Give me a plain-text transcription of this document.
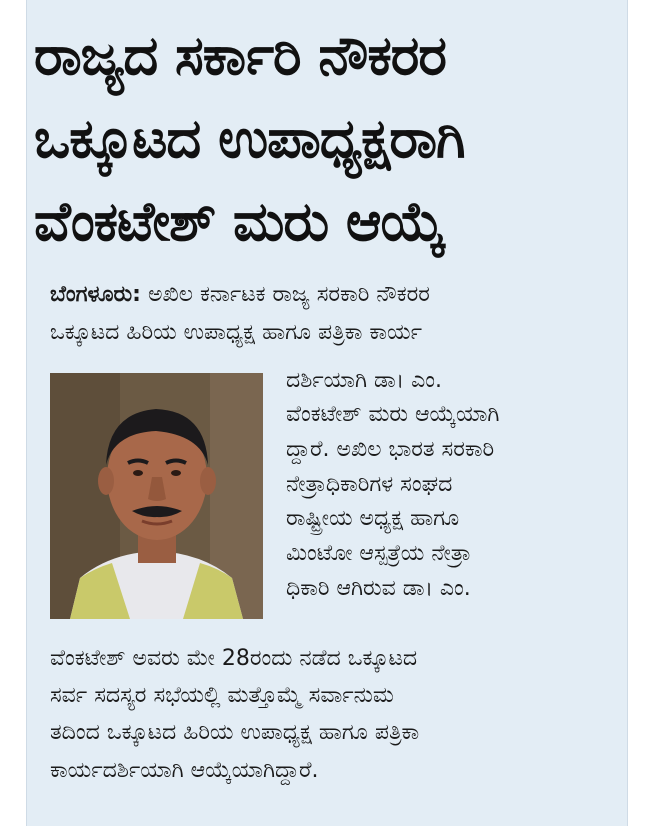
ರಾಜ್ಯದ ಸರ್ಕಾರಿ ನೌಕರರ
ಒಕ್ಕೂಟದ ಉಪಾಧ್ಯಕ್ಷರಾಗಿ
ವೆಂಕಟೇಶ್ ಮರು ಆಯ್ಕೆ
ಬೆಂಗಳೂರು: ಅಖಿಲ ಕರ್ನಾಟಕ ರಾಜ್ಯ ಸರಕಾರಿ ನೌಕರರ
ಒಕ್ಕೂಟದ ಹಿರಿಯ ಉಪಾಧ್ಯಕ್ಷ ಹಾಗೂ ಪತ್ರಿಕಾ ಕಾರ್ಯ
ದರ್ಶಿಯಾಗಿ ಡಾ। ಎಂ.
ವೆಂಕಟೇಶ್ ಮರು ಆಯ್ಕೆಯಾಗಿ
ದ್ದಾರೆ. ಅಖಿಲ ಭಾರತ ಸರಕಾರಿ
ನೇತ್ರಾಧಿಕಾರಿಗಳ ಸಂಘದ
ರಾಷ್ಟ್ರೀಯ ಅಧ್ಯಕ್ಷ ಹಾಗೂ
ಮಿಂಟೋ ಆಸ್ಪತ್ರೆಯ ನೇತ್ರಾ
ಧಿಕಾರಿ ಆಗಿರುವ ಡಾ। ಎಂ.
ವೆಂಕಟೇಶ್ ಅವರು ಮೇ 28ರಂದು ನಡೆದ ಒಕ್ಕೂಟದ
ಸರ್ವ ಸದಸ್ಯರ ಸಭೆಯಲ್ಲಿ ಮತ್ತೊಮ್ಮೆ ಸರ್ವಾನುಮ
ತದಿಂದ ಒಕ್ಕೂಟದ ಹಿರಿಯ ಉಪಾಧ್ಯಕ್ಷ ಹಾಗೂ ಪತ್ರಿಕಾ
ಕಾರ್ಯದರ್ಶಿಯಾಗಿ ಆಯ್ಕೆಯಾಗಿದ್ದಾರೆ.
